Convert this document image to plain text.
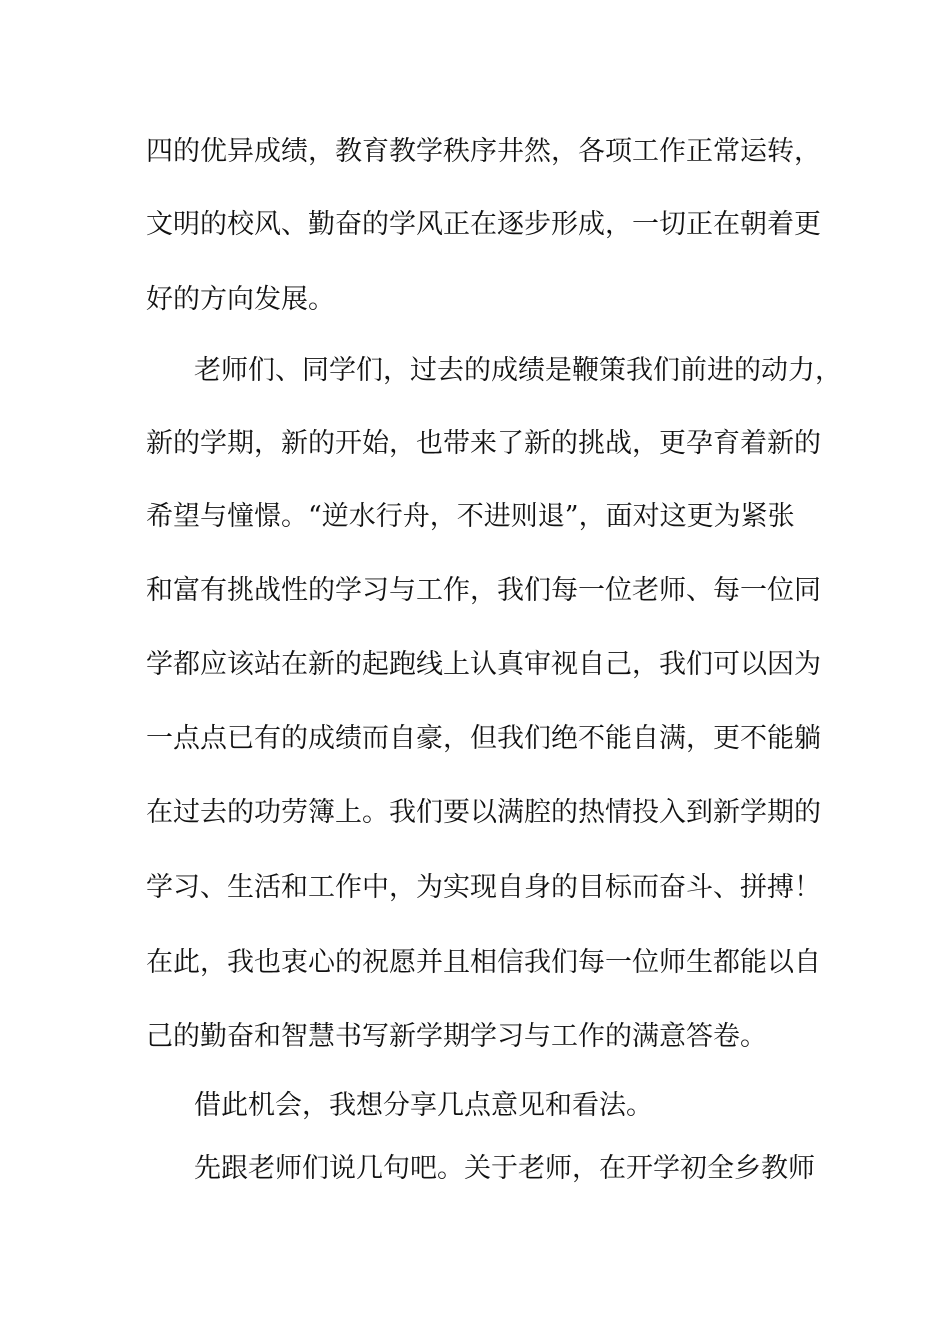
四的优异成绩，教育教学秩序井然，各项工作正常运转，
文明的校风、勤奋的学风正在逐步形成，一切正在朝着更
好的方向发展。
老师们、同学们，过去的成绩是鞭策我们前进的动力，
新的学期，新的开始，也带来了新的挑战，更孕育着新的
希望与憧憬。“逆水行舟，不进则退”，面对这更为紧张
和富有挑战性的学习与工作，我们每一位老师、每一位同
学都应该站在新的起跑线上认真审视自己，我们可以因为
一点点已有的成绩而自豪，但我们绝不能自满，更不能躺
在过去的功劳簿上。我们要以满腔的热情投入到新学期的
学习、生活和工作中，为实现自身的目标而奋斗、拼搏！
在此，我也衷心的祝愿并且相信我们每一位师生都能以自
己的勤奋和智慧书写新学期学习与工作的满意答卷。
借此机会，我想分享几点意见和看法。
先跟老师们说几句吧。关于老师，在开学初全乡教师
